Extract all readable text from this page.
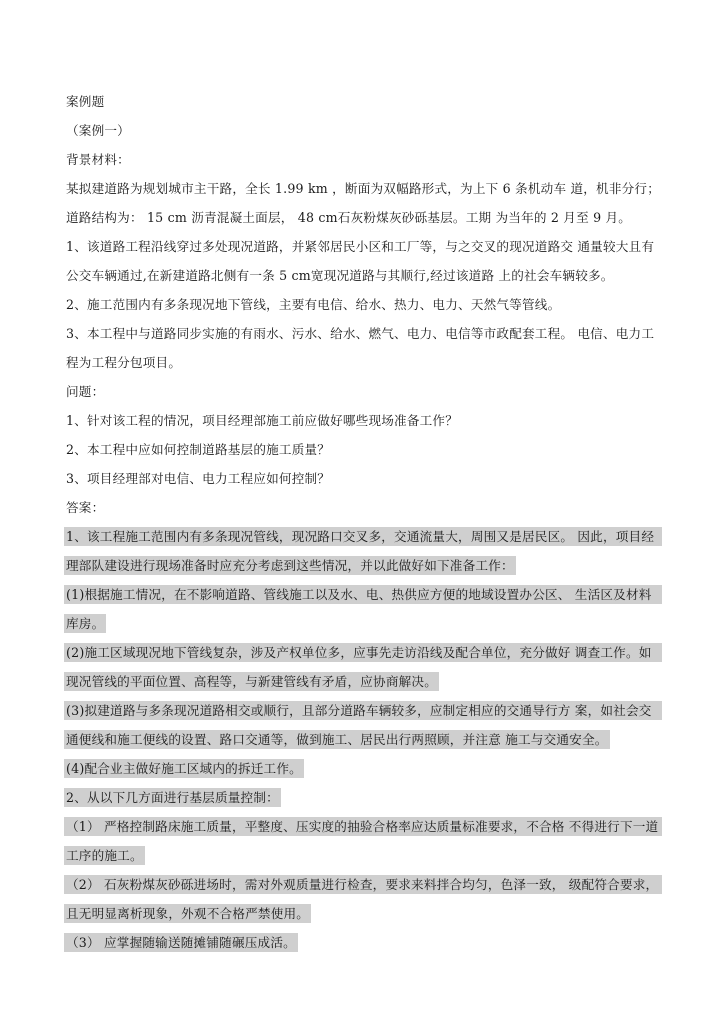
案例题
（案例一）
背景材料：
某拟建道路为规划城市主干路，全长 1.99 km ，断面为双幅路形式，为上下 6 条机动车 道，机非分行；
道路结构为： 15 cm 沥青混凝土面层， 48 cm石灰粉煤灰砂砾基层。工期 为当年的 2 月至 9 月。
1、该道路工程沿线穿过多处现况道路，并紧邻居民小区和工厂等，与之交叉的现况道路交 通量较大且有
公交车辆通过,在新建道路北侧有一条 5 cm宽现况道路与其顺行,经过该道路 上的社会车辆较多。
2、施工范围内有多条现况地下管线，主要有电信、给水、热力、电力、天然气等管线。
3、本工程中与道路同步实施的有雨水、污水、给水、燃气、电力、电信等市政配套工程。 电信、电力工
程为工程分包项目。
问题：
1、针对该工程的情况，项目经理部施工前应做好哪些现场准备工作？
2、本工程中应如何控制道路基层的施工质量？
3、项目经理部对电信、电力工程应如何控制？
答案：
1、该工程施工范围内有多条现况管线，现况路口交叉多，交通流量大，周围又是居民区。 因此，项目经
理部队建设进行现场准备时应充分考虑到这些情况，并以此做好如下准备工作：
(1)根据施工情况，在不影响道路、管线施工以及水、电、热供应方便的地域设置办公区、 生活区及材料
库房。
(2)施工区域现况地下管线复杂，涉及产权单位多，应事先走访沿线及配合单位，充分做好 调查工作。如
现况管线的平面位置、高程等，与新建管线有矛盾，应协商解决。
(3)拟建道路与多条现况道路相交或顺行，且部分道路车辆较多，应制定相应的交通导行方 案，如社会交
通便线和施工便线的设置、路口交通等，做到施工、居民出行两照顾，并注意 施工与交通安全。
(4)配合业主做好施工区域内的拆迁工作。
2、从以下几方面进行基层质量控制：
（1） 严格控制路床施工质量，平整度、压实度的抽验合格率应达质量标准要求，不合格 不得进行下一道
工序的施工。
（2） 石灰粉煤灰砂砾进场时，需对外观质量进行检查，要求来料拌合均匀，色泽一致， 级配符合要求，
且无明显离析现象，外观不合格严禁使用。
（3） 应掌握随输送随摊铺随碾压成活。
